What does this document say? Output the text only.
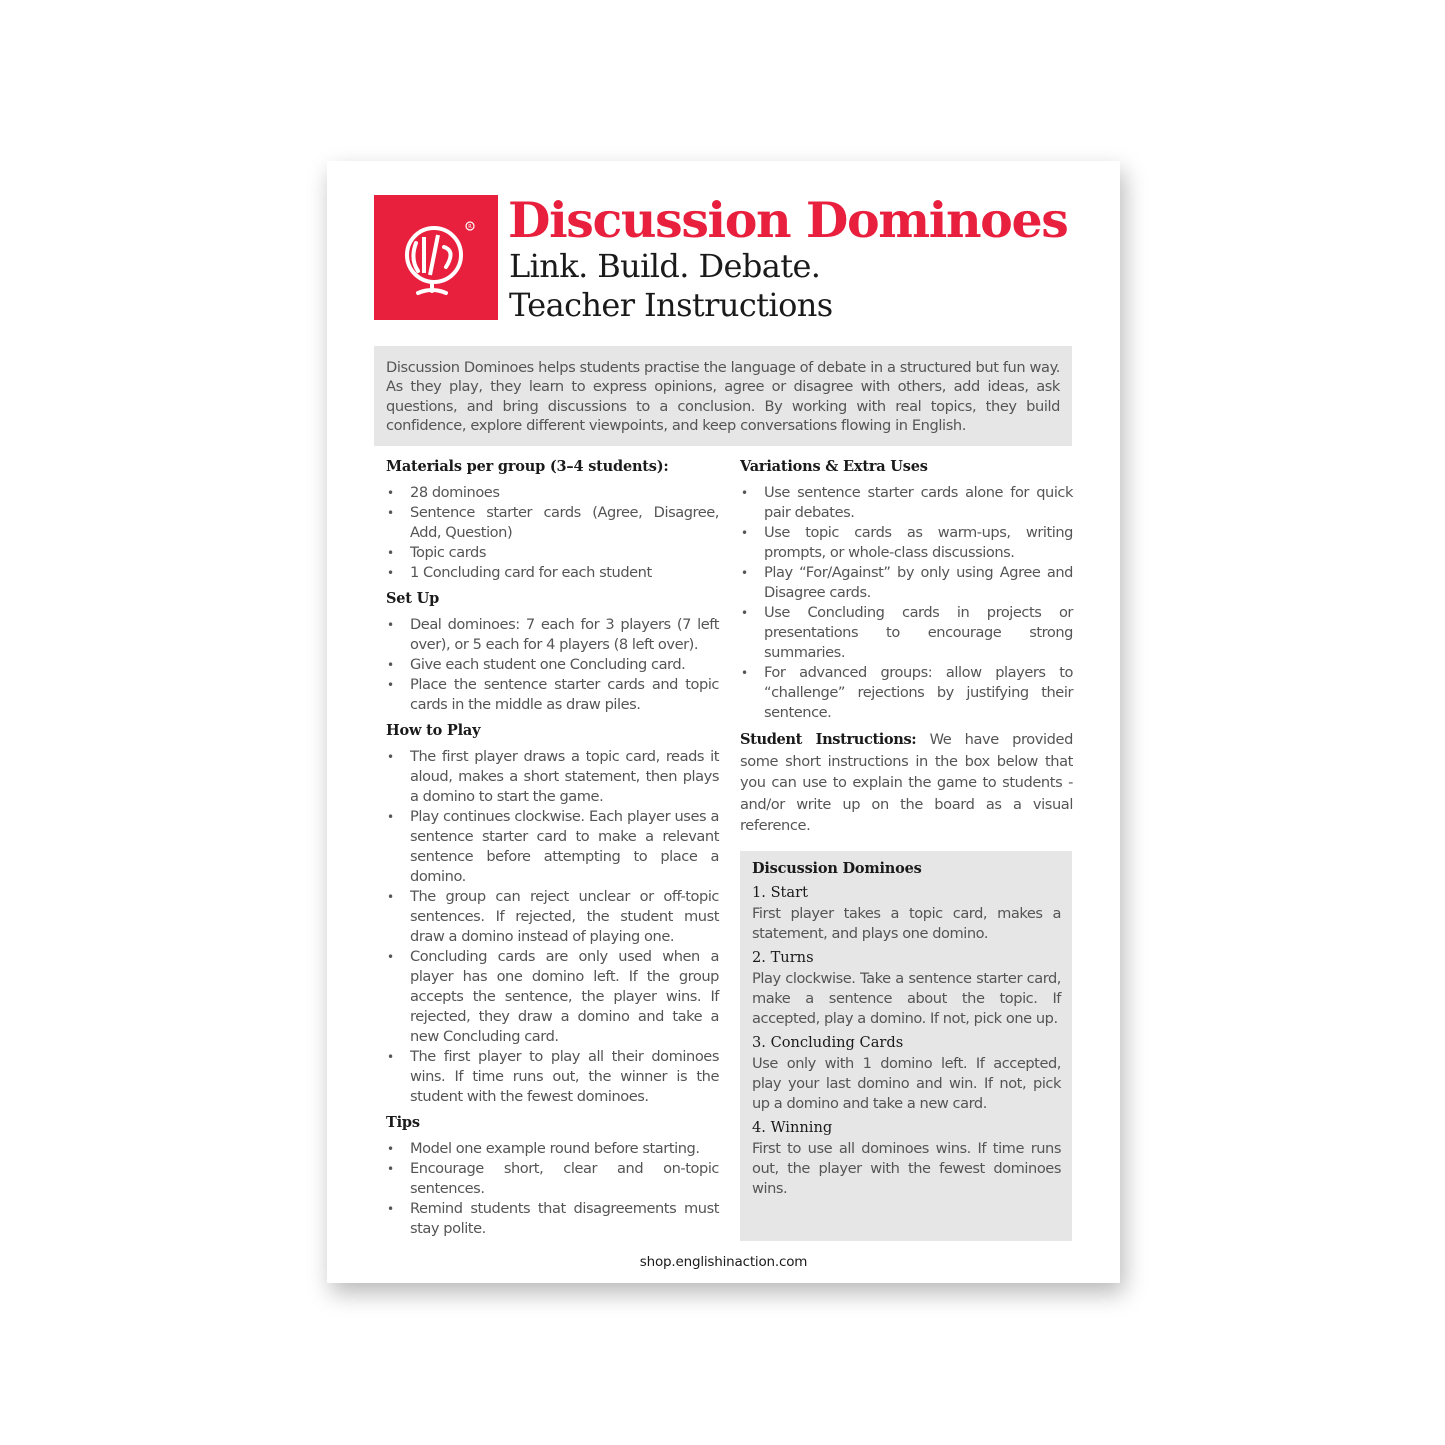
R Discussion Dominoes
Link. Build. Debate.
Teacher Instructions
Discussion Dominoes helps students practise the language of debate in a structured but fun way. As they play, they learn to express opinions, agree or disagree with others, add ideas, ask questions, and bring discussions to a conclusion. By working with real topics, they build confidence, explore different viewpoints, and keep conversations flowing in English.
Materials per group (3–4 students):
• 28 dominoes
• Sentence starter cards (Agree, Disagree, Add, Question)
• Topic cards
• 1 Concluding card for each student
Set Up
• Deal dominoes: 7 each for 3 players (7 left over), or 5 each for 4 players (8 left over).
• Give each student one Concluding card.
• Place the sentence starter cards and topic cards in the middle as draw piles.
How to Play
• The first player draws a topic card, reads it aloud, makes a short statement, then plays a domino to start the game.
• Play continues clockwise. Each player uses a sentence starter card to make a relevant sentence before attempting to place a domino.
• The group can reject unclear or off-topic sentences. If rejected, the student must draw a domino instead of playing one.
• Concluding cards are only used when a player has one domino left. If the group accepts the sentence, the player wins. If rejected, they draw a domino and take a new Concluding card.
• The first player to play all their dominoes wins. If time runs out, the winner is the student with the fewest dominoes.
Tips
• Model one example round before starting.
• Encourage short, clear and on-topic sentences.
• Remind students that disagreements must stay polite.
Variations & Extra Uses
• Use sentence starter cards alone for quick pair debates.
• Use topic cards as warm-ups, writing prompts, or whole-class discussions.
• Play “For/Against” by only using Agree and Disagree cards.
• Use Concluding cards in projects or presentations to encourage strong summaries.
• For advanced groups: allow players to “challenge” rejections by justifying their sentence.
Student Instructions: We have provided some short instructions in the box below that you can use to explain the game to students - and/or write up on the board as a visual reference.
Discussion Dominoes
1. Start

First player takes a topic card, makes a statement, and plays one domino.

2. Turns

Play clockwise. Take a sentence starter card, make a sentence about the topic. If accepted, play a domino. If not, pick one up.

3. Concluding Cards

Use only with 1 domino left. If accepted, play your last domino and win. If not, pick up a domino and take a new card.

4. Winning

First to use all dominoes wins. If time runs out, the player with the fewest dominoes wins.

shop.englishinaction.com
